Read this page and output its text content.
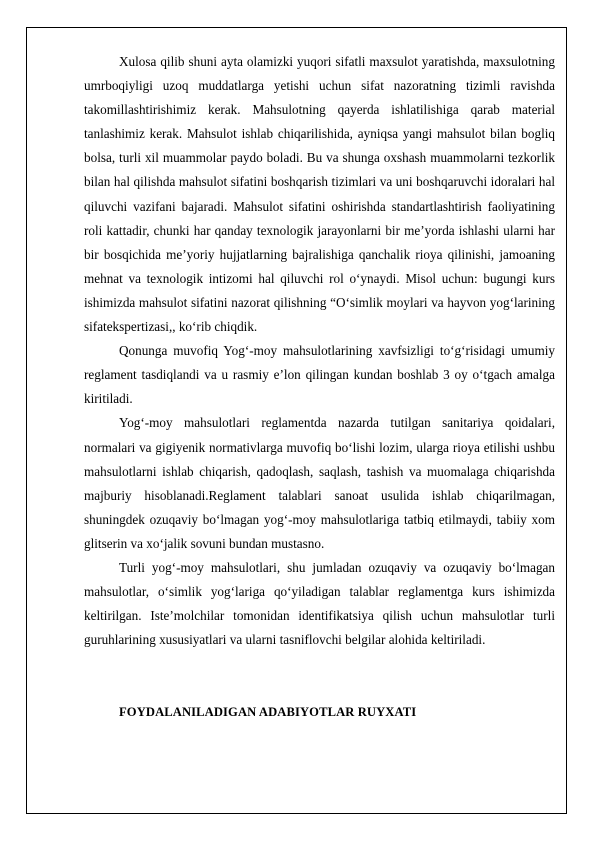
Xulosa qilib shuni ayta olamizki yuqori sifatli maxsulot yaratishda, maxsulotning umrboqiyligi uzoq muddatlarga yetishi uchun sifat nazoratning tizimli ravishda takomillashtirishimiz kerak. Mahsulotning qayerda ishlatilishiga qarab material tanlashimiz kerak. Mahsulot ishlab chiqarilishida, ayniqsa yangi mahsulot bilan bogliq bolsa, turli xil muammolar paydo boladi. Bu va shunga oxshash muammolarni tezkorlik bilan hal qilishda mahsulot sifatini boshqarish tizimlari va uni boshqaruvchi idoralari hal qiluvchi vazifani bajaradi. Mahsulot sifatini oshirishda standartlashtirish faoliyatining roli kattadir, chunki har qanday texnologik jarayonlarni bir me’yorda ishlashi ularni har bir bosqichida me’yoriy hujjatlarning bajralishiga qanchalik rioya qilinishi, jamoaning mehnat va texnologik intizomi hal qiluvchi rol o‘ynaydi. Misol uchun: bugungi kurs ishimizda mahsulot sifatini nazorat qilishning “O‘simlik moylari va hayvon yog‘larining sifatekspertizasi,, ko‘rib chiqdik.

Qonunga muvofiq Yog‘-moy mahsulotlarining xavfsizligi to‘g‘risidagi umumiy reglament tasdiqlandi va u rasmiy e’lon qilingan kundan boshlab 3 oy o‘tgach amalga kiritiladi.

Yog‘-moy mahsulotlari reglamentda nazarda tutilgan sanitariya qoidalari, normalari va gigiyenik normativlarga muvofiq bo‘lishi lozim, ularga rioya etilishi ushbu mahsulotlarni ishlab chiqarish, qadoqlash, saqlash, tashish va muomalaga chiqarishda majburiy hisoblanadi.Reglament talablari sanoat usulida ishlab chiqarilmagan, shuningdek ozuqaviy bo‘lmagan yog‘-moy mahsulotlariga tatbiq etilmaydi, tabiiy xom glitserin va xo‘jalik sovuni bundan mustasno.

Turli yog‘-moy mahsulotlari, shu jumladan ozuqaviy va ozuqaviy bo‘lmagan mahsulotlar, o‘simlik yog‘lariga qo‘yiladigan talablar reglamentga kurs ishimizda keltirilgan. Iste’molchilar tomonidan identifikatsiya qilish uchun mahsulotlar turli guruhlarining xususiyatlari va ularni tasniflovchi belgilar alohida keltiriladi.

FOYDALANILADIGAN ADABIYOTLAR RUYXATI
